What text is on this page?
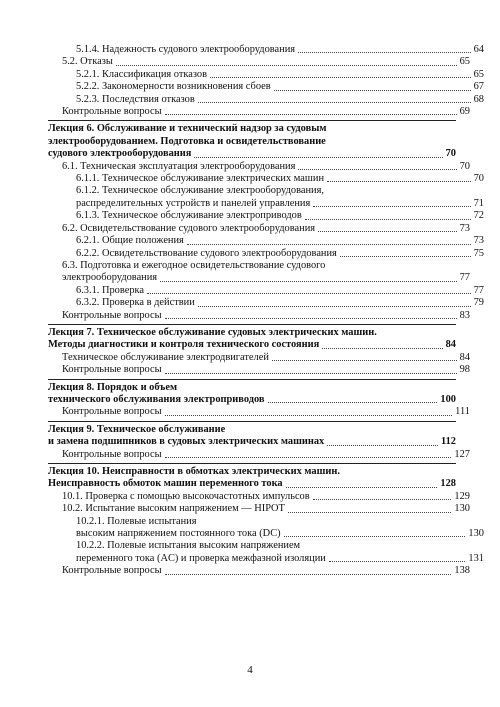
5.1.4. Надежность судового электрооборудования	64
5.2. Отказы	65
5.2.1. Классификация отказов	65
5.2.2. Закономерности возникновения сбоев	67
5.2.3. Последствия отказов	68
Контрольные вопросы	69
Лекция 6. Обслуживание и технический надзор за судовым
электрооборудованием. Подготовка и освидетельствование
судового электрооборудования	70
6.1. Техническая эксплуатация электрооборудования	70
6.1.1. Техническое обслуживание электрических машин	70
6.1.2. Техническое обслуживание электрооборудования,
распределительных устройств и панелей управления	71
6.1.3. Техническое обслуживание электроприводов	72
6.2. Освидетельствование судового электрооборудования	73
6.2.1. Общие положения	73
6.2.2. Освидетельствование судового электрооборудования	75
6.3. Подготовка и ежегодное освидетельствование судового
электрооборудования	77
6.3.1. Проверка	77
6.3.2. Проверка в действии	79
Контрольные вопросы	83
Лекция 7. Техническое обслуживание судовых электрических машин.
Методы диагностики и контроля технического состояния	84
Техническое обслуживание электродвигателей	84
Контрольные вопросы	98
Лекция 8. Порядок и объем
технического обслуживания электроприводов	100
Контрольные вопросы	111
Лекция 9. Техническое обслуживание
и замена подшипников в судовых электрических машинах	112
Контрольные вопросы	127
Лекция 10. Неисправности в обмотках электрических машин.
Неисправность обмоток машин переменного тока	128
10.1. Проверка с помощью высокочастотных импульсов	129
10.2. Испытание высоким напряжением — HIPOT	130
10.2.1. Полевые испытания
высоким напряжением постоянного тока (DC)	130
10.2.2. Полевые испытания высоким напряжением
переменного тока (AC) и проверка межфазной изоляции	131
Контрольные вопросы	138
4
